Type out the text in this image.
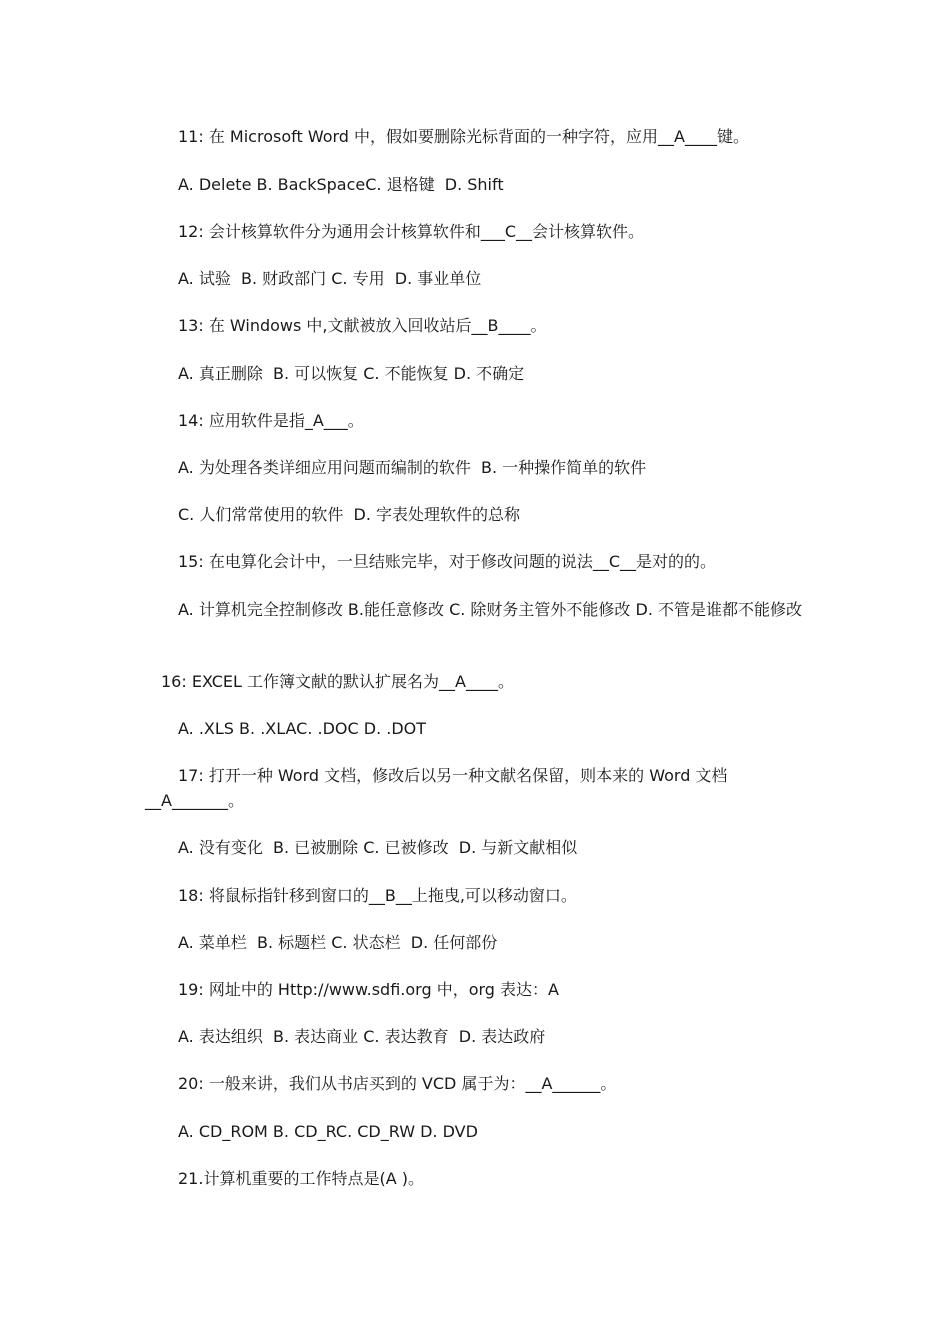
11: 在 Microsoft Word 中，假如要删除光标背面的一种字符，应用__A____键。

A. Delete B. BackSpaceC. 退格键  D. Shift

12: 会计核算软件分为通用会计核算软件和___C__会计核算软件。

A. 试验  B. 财政部门 C. 专用  D. 事业单位

13: 在 Windows 中,文献被放入回收站后__B____。

A. 真正删除  B. 可以恢复 C. 不能恢复 D. 不确定

14: 应用软件是指_A___。

A. 为处理各类详细应用问题而编制的软件  B. 一种操作简单的软件

C. 人们常常使用的软件  D. 字表处理软件的总称

15: 在电算化会计中，一旦结账完毕，对于修改问题的说法__C__是对的的。

A. 计算机完全控制修改 B.能任意修改 C. 除财务主管外不能修改 D. 不管是谁都不能修改

16: EXCEL 工作簿文献的默认扩展名为__A____。

A. .XLS B. .XLAC. .DOC D. .DOT

17: 打开一种 Word 文档，修改后以另一种文献名保留，则本来的 Word 文档__A_______。

A. 没有变化  B. 已被删除 C. 已被修改  D. 与新文献相似

18: 将鼠标指针移到窗口的__B__上拖曳,可以移动窗口。

A. 菜单栏  B. 标题栏 C. 状态栏  D. 任何部份

19: 网址中的 Http://www.sdfi.org 中，org 表达：A

A. 表达组织  B. 表达商业 C. 表达教育  D. 表达政府

20: 一般来讲，我们从书店买到的 VCD 属于为：__A______。

A. CD_ROM B. CD_RC. CD_RW D. DVD

21.计算机重要的工作特点是(A )。
